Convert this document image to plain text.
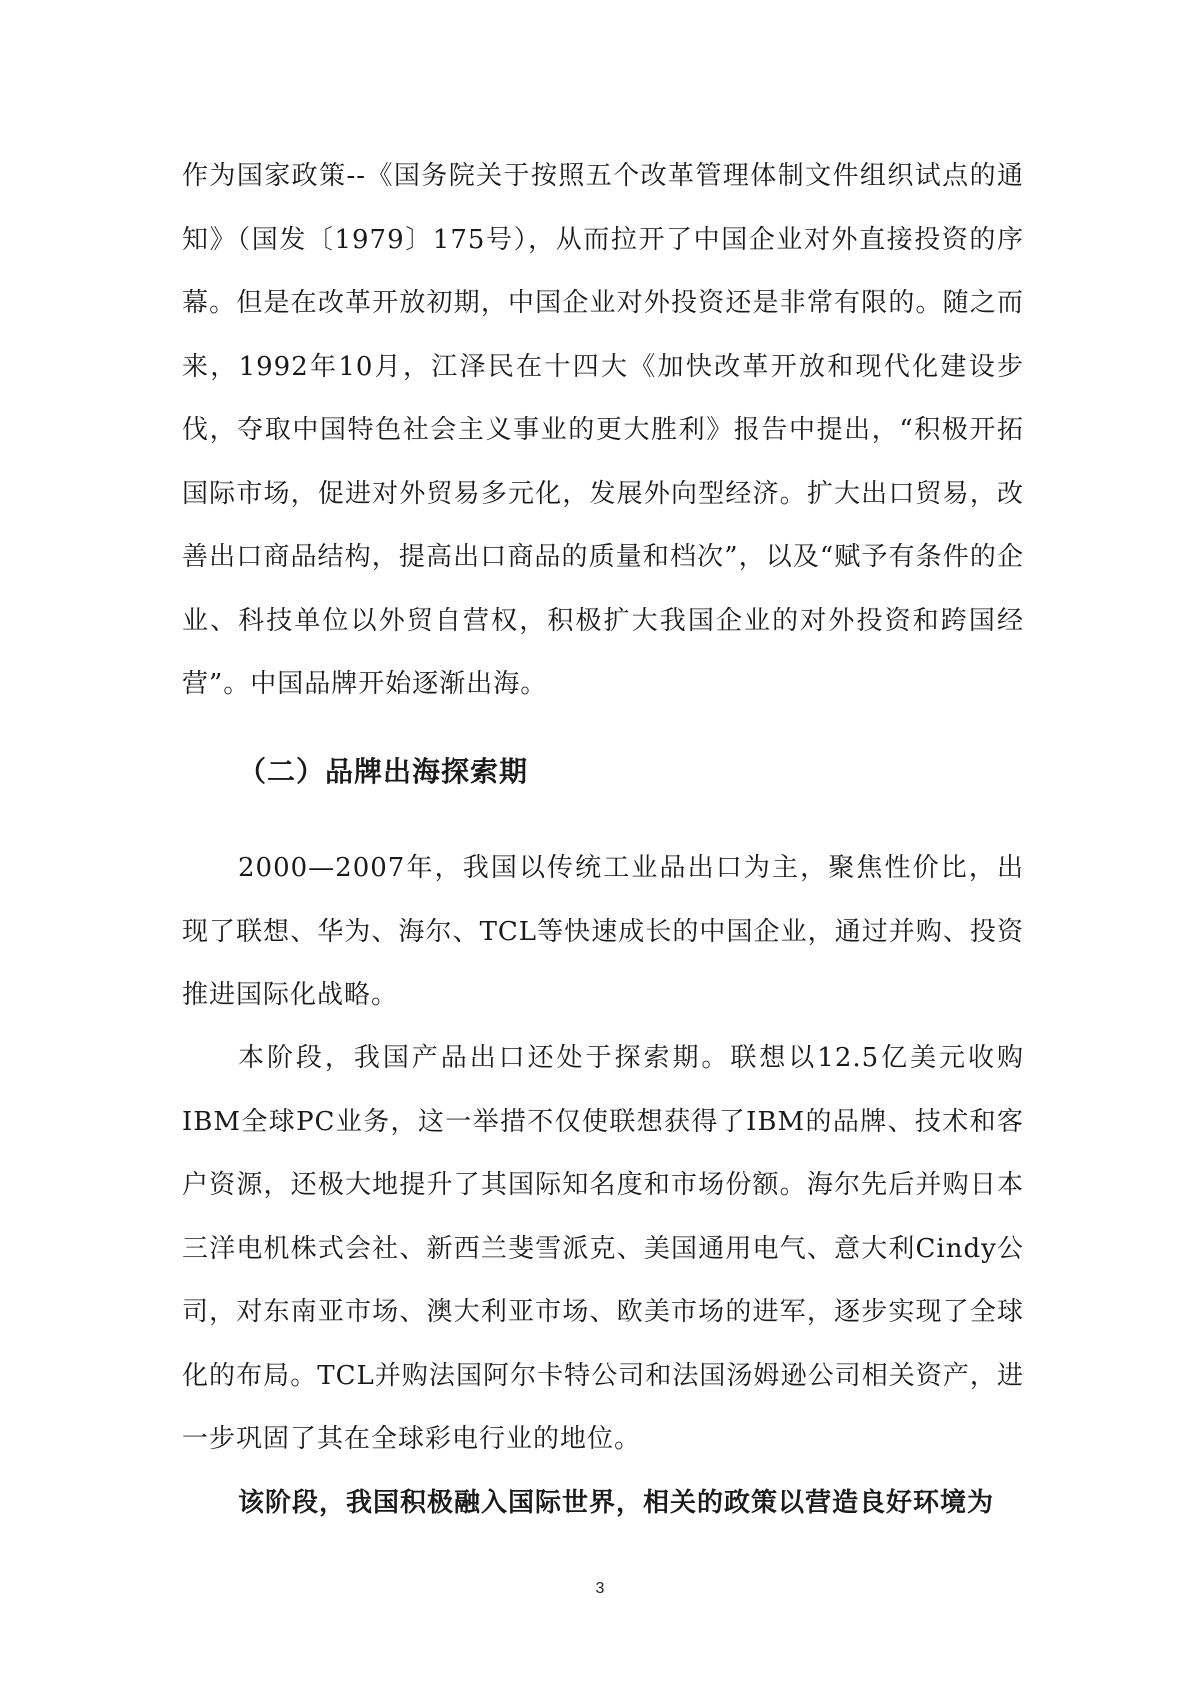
作为国家政策--《国务院关于按照五个改革管理体制文件组织试点的通知》（国发〔1979〕175号），从而拉开了中国企业对外直接投资的序幕。但是在改革开放初期，中国企业对外投资还是非常有限的。随之而来，1992年10月，江泽民在十四大《加快改革开放和现代化建设步伐，夺取中国特色社会主义事业的更大胜利》报告中提出，“积极开拓国际市场，促进对外贸易多元化，发展外向型经济。扩大出口贸易，改善出口商品结构，提高出口商品的质量和档次”，以及“赋予有条件的企业、科技单位以外贸自营权，积极扩大我国企业的对外投资和跨国经营”。中国品牌开始逐渐出海。

（二）品牌出海探索期

2000—2007年，我国以传统工业品出口为主，聚焦性价比，出现了联想、华为、海尔、TCL等快速成长的中国企业，通过并购、投资推进国际化战略。

本阶段，我国产品出口还处于探索期。联想以12.5亿美元收购IBM全球PC业务，这一举措不仅使联想获得了IBM的品牌、技术和客户资源，还极大地提升了其国际知名度和市场份额。海尔先后并购日本三洋电机株式会社、新西兰斐雪派克、美国通用电气、意大利Cindy公司，对东南亚市场、澳大利亚市场、欧美市场的进军，逐步实现了全球化的布局。TCL并购法国阿尔卡特公司和法国汤姆逊公司相关资产，进一步巩固了其在全球彩电行业的地位。

该阶段，我国积极融入国际世界，相关的政策以营造良好环境为

3
